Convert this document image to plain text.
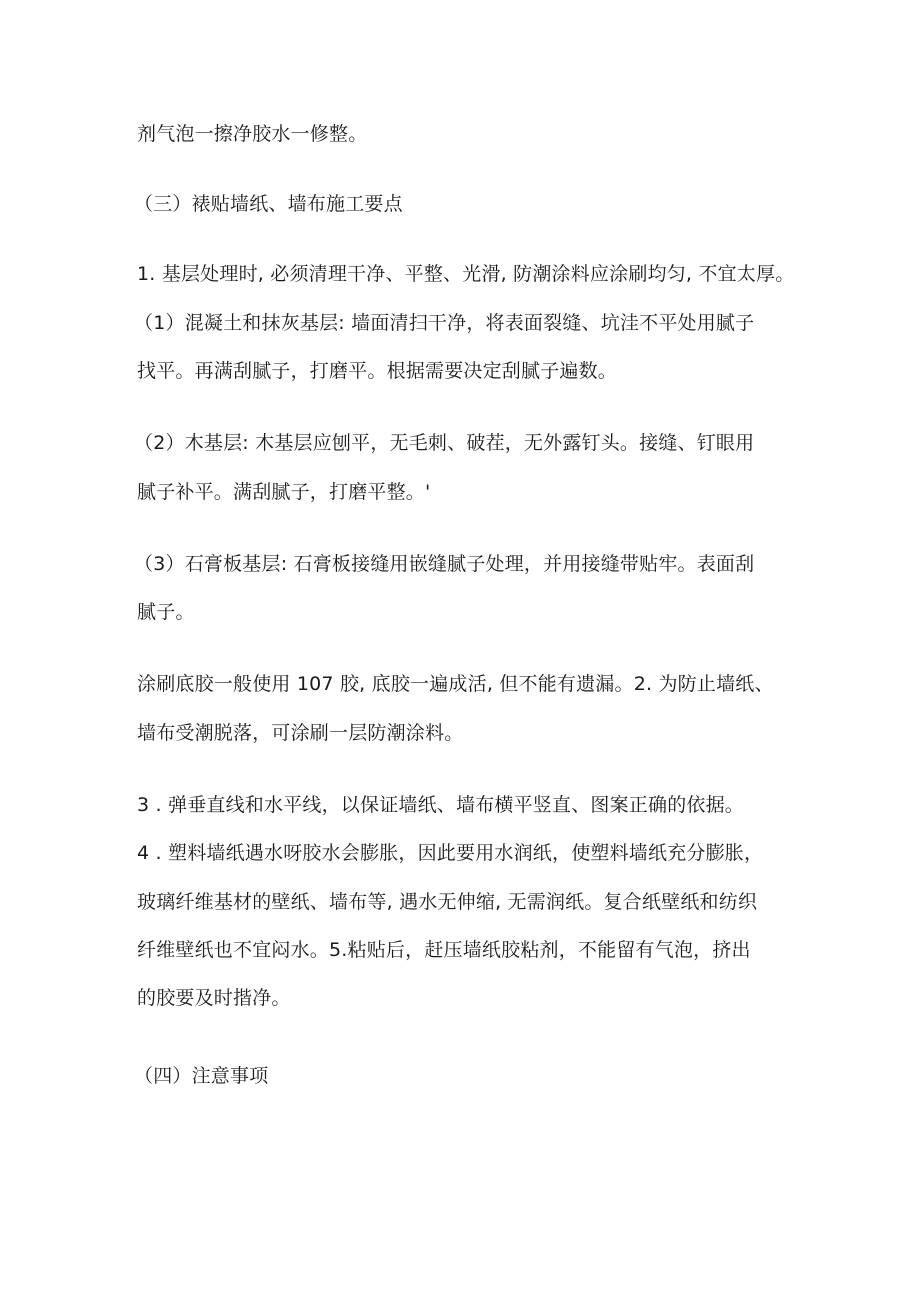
剂气泡一擦净胶水一修整。
（三）裱贴墙纸、墙布施工要点
1. 基层处理时, 必须清理干净、平整、光滑, 防潮涂料应涂刷均匀, 不宜太厚。
（1）混凝土和抹灰基层: 墙面清扫干净，将表面裂缝、坑洼不平处用腻子
找平。再满刮腻子，打磨平。根据需要决定刮腻子遍数。
（2）木基层: 木基层应刨平，无毛刺、破茬，无外露钉头。接缝、钉眼用
腻子补平。满刮腻子，打磨平整。'
（3）石膏板基层: 石膏板接缝用嵌缝腻子处理，并用接缝带贴牢。表面刮
腻子。
涂刷底胶一般使用 107 胶, 底胶一遍成活, 但不能有遗漏。2. 为防止墙纸、
墙布受潮脱落，可涂刷一层防潮涂料。
3 . 弹垂直线和水平线，以保证墙纸、墙布横平竖直、图案正确的依据。
4 . 塑料墙纸遇水呀胶水会膨胀，因此要用水润纸，使塑料墙纸充分膨胀，
玻璃纤维基材的壁纸、墙布等, 遇水无伸缩, 无需润纸。复合纸壁纸和纺织
纤维壁纸也不宜闷水。5.粘贴后，赶压墙纸胶粘剂，不能留有气泡，挤出
的胶要及时揩净。
（四）注意事项
